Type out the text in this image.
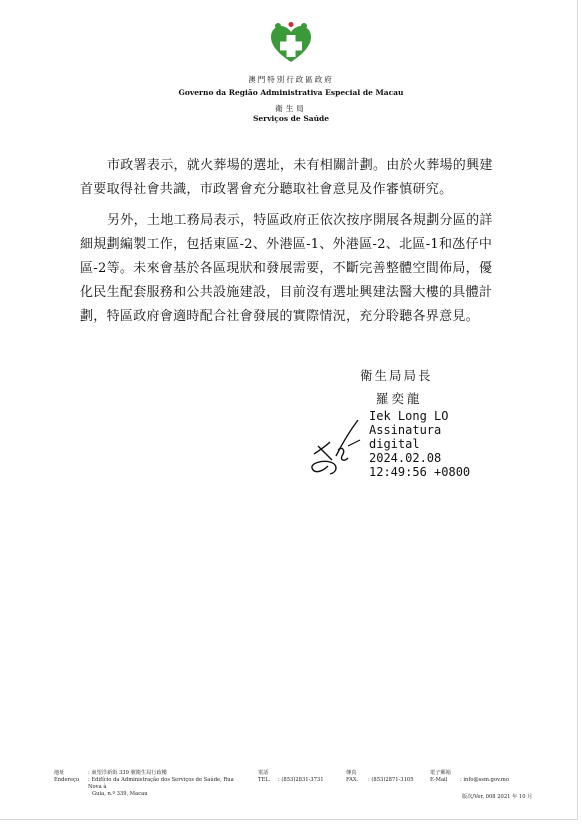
澳門特別行政區政府
Governo da Região Administrativa Especial de Macau
衛生局
Serviços de Saúde
市政署表示，就火葬場的選址，未有相關計劃。由於火葬場的興建首要取得社會共識，市政署會充分聽取社會意見及作審慎研究。
另外，土地工務局表示，特區政府正依次按序開展各規劃分區的詳細規劃編製工作，包括東區-2、外港區-1、外港區-2、北區-1和氹仔中區-2等。未來會基於各區現狀和發展需要，不斷完善整體空間佈局，優化民生配套服務和公共設施建設，目前沒有選址興建法醫大樓的具體計劃，特區政府會適時配合社會發展的實際情況，充分聆聽各界意見。
衛生局局長
羅奕龍
Iek Long LO
Assinatura
digital
2024.02.08
12:49:56 +0800
地址
Endereço
: 東望洋新街 339 號衛生局行政樓
: Edifício da Administração dos Serviços de Saúde, Rua Nova à
Guia, n.º 339, Macau
電話
TEL.
: (853)2831-3731
傳真
FAX.
: (853)2871-3105
電子郵箱
E-Mail
	: info@ssm.gov.mo
版次/Ver. 008 2021 年 10 月
